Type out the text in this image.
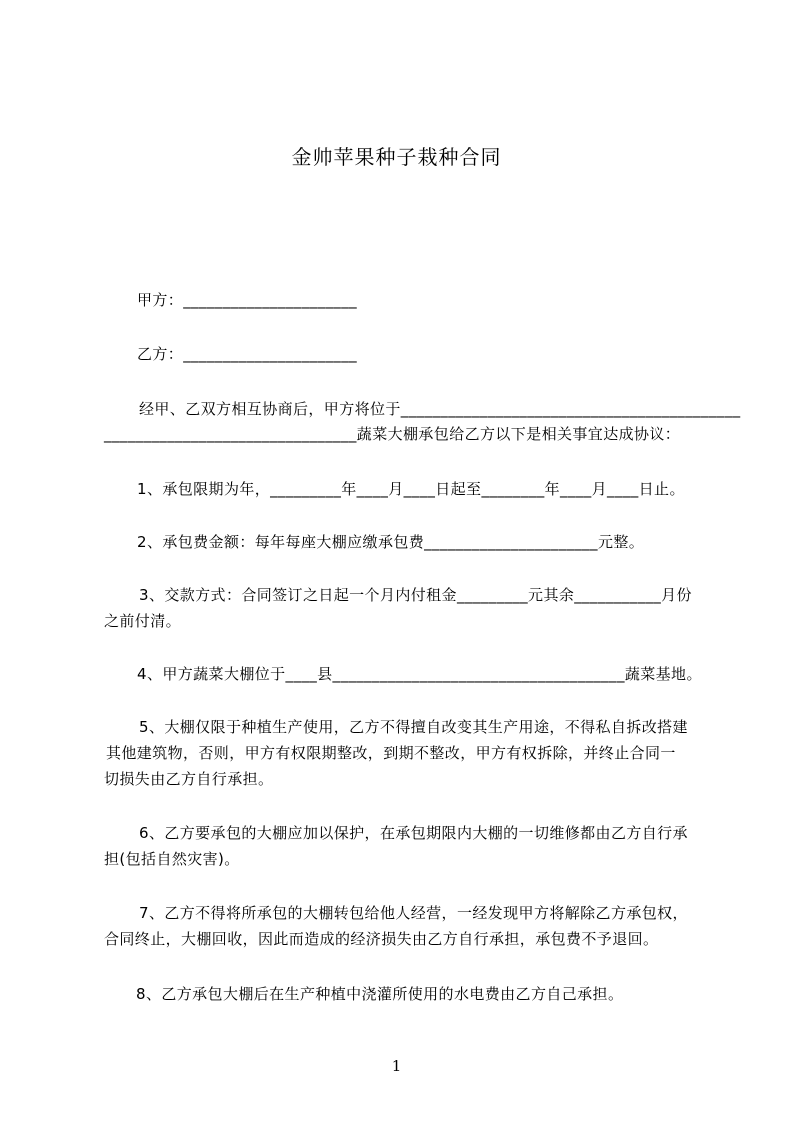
金帅苹果种子栽种合同
甲方：______________________
乙方：______________________
经甲、乙双方相互协商后，甲方将位于___________________________________________
________________________________蔬菜大棚承包给乙方以下是相关事宜达成协议：
1、承包限期为年，_________年____月____日起至________年____月____日止。
2、承包费金额：每年每座大棚应缴承包费______________________元整。
3、交款方式：合同签订之日起一个月内付租金_________元其余___________月份
之前付清。
4、甲方蔬菜大棚位于____县_____________________________________蔬菜基地。
5、大棚仅限于种植生产使用，乙方不得擅自改变其生产用途，不得私自拆改搭建
其他建筑物，否则，甲方有权限期整改，到期不整改，甲方有权拆除，并终止合同一
切损失由乙方自行承担。
6、乙方要承包的大棚应加以保护，在承包期限内大棚的一切维修都由乙方自行承
担(包括自然灾害)。
7、乙方不得将所承包的大棚转包给他人经营，一经发现甲方将解除乙方承包权，
合同终止，大棚回收，因此而造成的经济损失由乙方自行承担，承包费不予退回。
8、乙方承包大棚后在生产种植中浇灌所使用的水电费由乙方自己承担。
1
